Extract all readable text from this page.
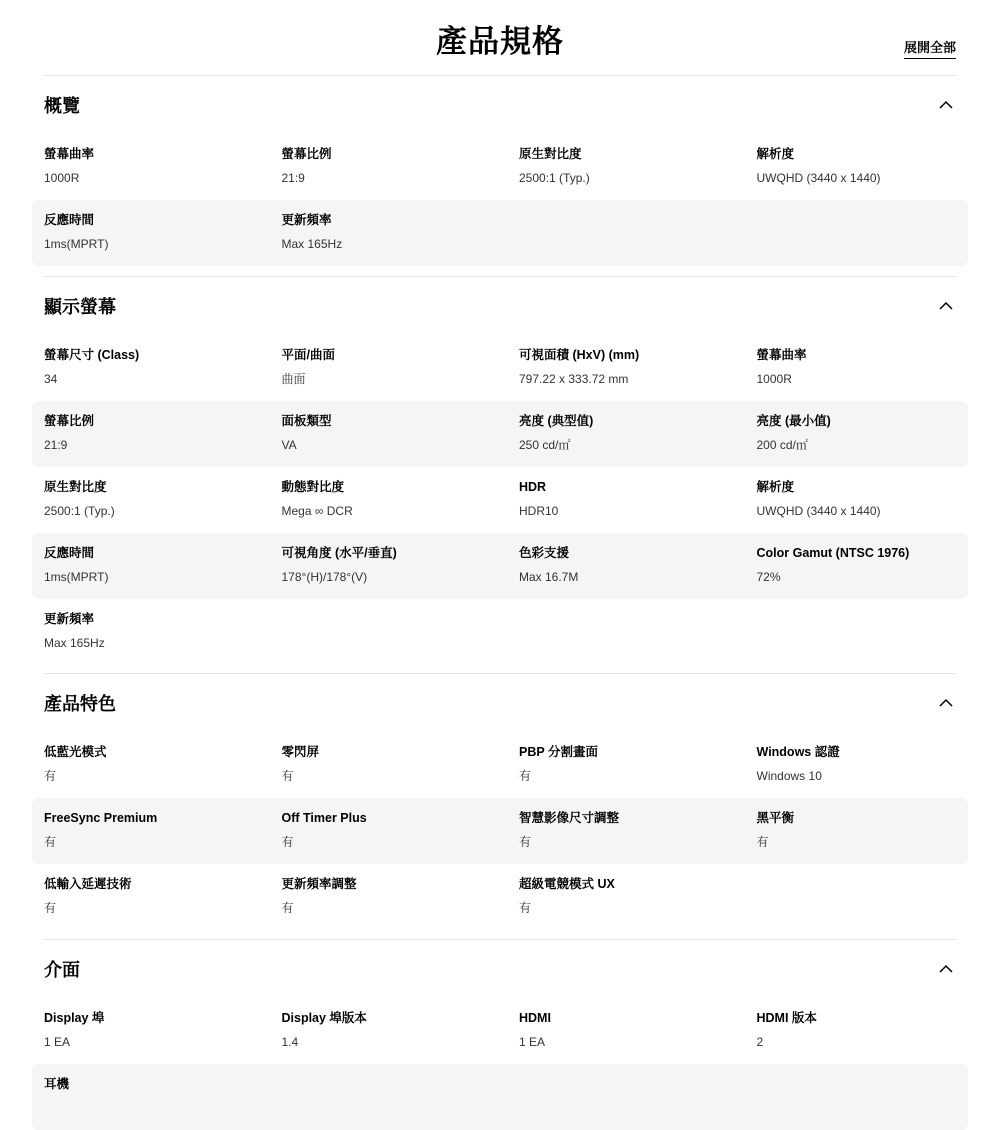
產品規格	展開全部
概覽
螢幕曲率
1000R
螢幕比例
21:9
原生對比度
2500:1 (Typ.)
解析度
UWQHD (3440 x 1440)
反應時間
1ms(MPRT)
更新頻率
Max 165Hz
顯示螢幕
螢幕尺寸 (Class)
34
平面/曲面
曲面
可視面積 (HxV) (mm)
797.22 x 333.72 mm
螢幕曲率
1000R
螢幕比例
21:9
面板類型
VA
亮度 (典型值)
250 cd/㎡
亮度 (最小值)
200 cd/㎡
原生對比度
2500:1 (Typ.)
動態對比度
Mega ∞ DCR
HDR
HDR10
解析度
UWQHD (3440 x 1440)
反應時間
1ms(MPRT)
可視角度 (水平/垂直)
178°(H)/178°(V)
色彩支援
Max 16.7M
Color Gamut (NTSC 1976)
72%
更新頻率
Max 165Hz
產品特色
低藍光模式
有
零閃屏
有
PBP 分割畫面
有
Windows 認證
Windows 10
FreeSync Premium
有
Off Timer Plus
有
智慧影像尺寸調整
有
黑平衡
有
低輸入延遲技術
有
更新頻率調整
有
超級電競模式 UX
有
介面
Display 埠
1 EA
Display 埠版本
1.4
HDMI
1 EA
HDMI 版本
2
耳機
